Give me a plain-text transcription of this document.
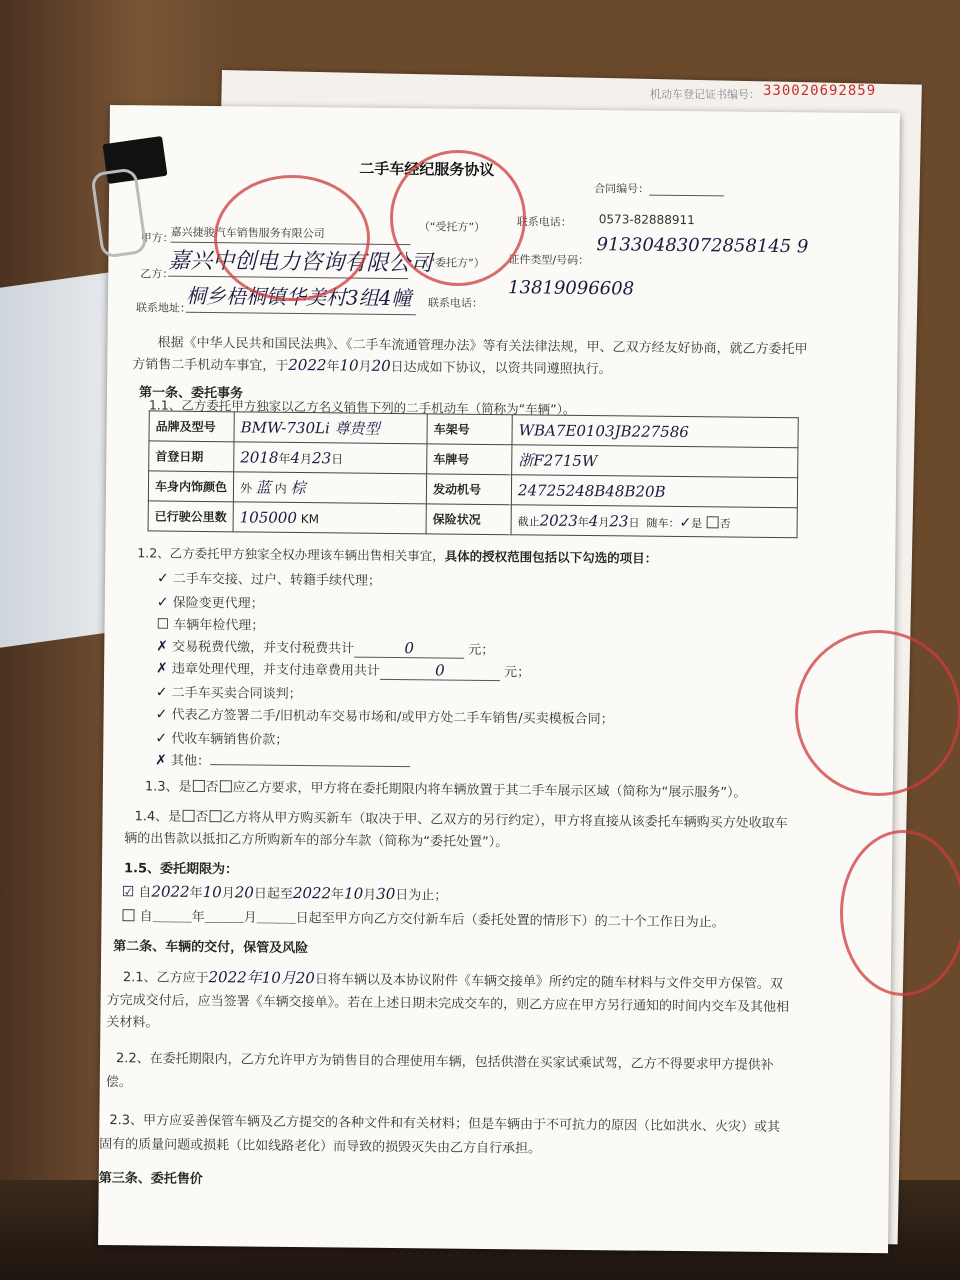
机动车登记证书编号： 330020692859
二手车经纪服务协议
合同编号：
甲方：
嘉兴捷骏汽车销售服务有限公司	（“受托方”）	联系电话： 0573-82888911
乙方：
嘉兴中创电力咨询有限公司
（“委托方”） 证件类型/号码：
91330483072858145 9
联系地址：
桐乡梧桐镇华美村3组4幢 联系电话：
13819096608
根据《中华人民共和国民法典》、《二手车流通管理办法》等有关法律法规，甲、乙双方经友好协商，就乙方委托甲
方销售二手机动车事宜，于2022年10月20日达成如下协议，以资共同遵照执行。
第一条、委托事务
1.1、乙方委托甲方独家以乙方名义销售下列的二手机动车（简称为“车辆”）。
品牌及型号	BMW-730Li 尊贵型	车架号	WBA7E0103JB227586
首登日期	2018年4月23日	车牌号	浙F2715W
车身内饰颜色	外 蓝 内 棕	发动机号	24725248B48B20B
已行驶公里数	105000 KM	保险状况	截止2023年4月23日 随车：✓是 否
1.2、乙方委托甲方独家全权办理该车辆出售相关事宜，具体的授权范围包括以下勾选的项目：
✓ 二手车交接、过户、转籍手续代理；
✓ 保险变更代理；
☐ 车辆年检代理；
✗ 交易税费代缴，并支付税费共计	0	元；
✗ 违章处理代理，并支付违章费用共计	0	元；
✓ 二手车买卖合同谈判；
✓ 代表乙方签署二手/旧机动车交易市场和/或甲方处二手车销售/买卖模板合同；
✓ 代收车辆销售价款；
✗ 其他：
1.3、是 否 应乙方要求，甲方将在委托期限内将车辆放置于其二手车展示区域（简称为“展示服务”）。
1.4、是 否 乙方将从甲方购买新车（取决于甲、乙双方的另行约定），甲方将直接从该委托车辆购买方处收取车
辆的出售款以抵扣乙方所购新车的部分车款（简称为“委托处置”）。
1.5、委托期限为：
☑ 自2022年10月20日起至2022年10月30日为止；
自＿＿＿年＿＿＿月＿＿＿日起至甲方向乙方交付新车后（委托处置的情形下）的二十个工作日为止。
第二条、车辆的交付，保管及风险
2.1、乙方应于2022年10月20日将车辆以及本协议附件《车辆交接单》所约定的随车材料与文件交甲方保管。双
方完成交付后，应当签署《车辆交接单》。若在上述日期未完成交车的，则乙方应在甲方另行通知的时间内交车及其他相
关材料。
2.2、在委托期限内，乙方允许甲方为销售目的合理使用车辆，包括供潜在买家试乘试驾，乙方不得要求甲方提供补
偿。
2.3、甲方应妥善保管车辆及乙方提交的各种文件和有关材料；但是车辆由于不可抗力的原因（比如洪水、火灾）或其
固有的质量问题或损耗（比如线路老化）而导致的损毁灭失由乙方自行承担。
第三条、委托售价
